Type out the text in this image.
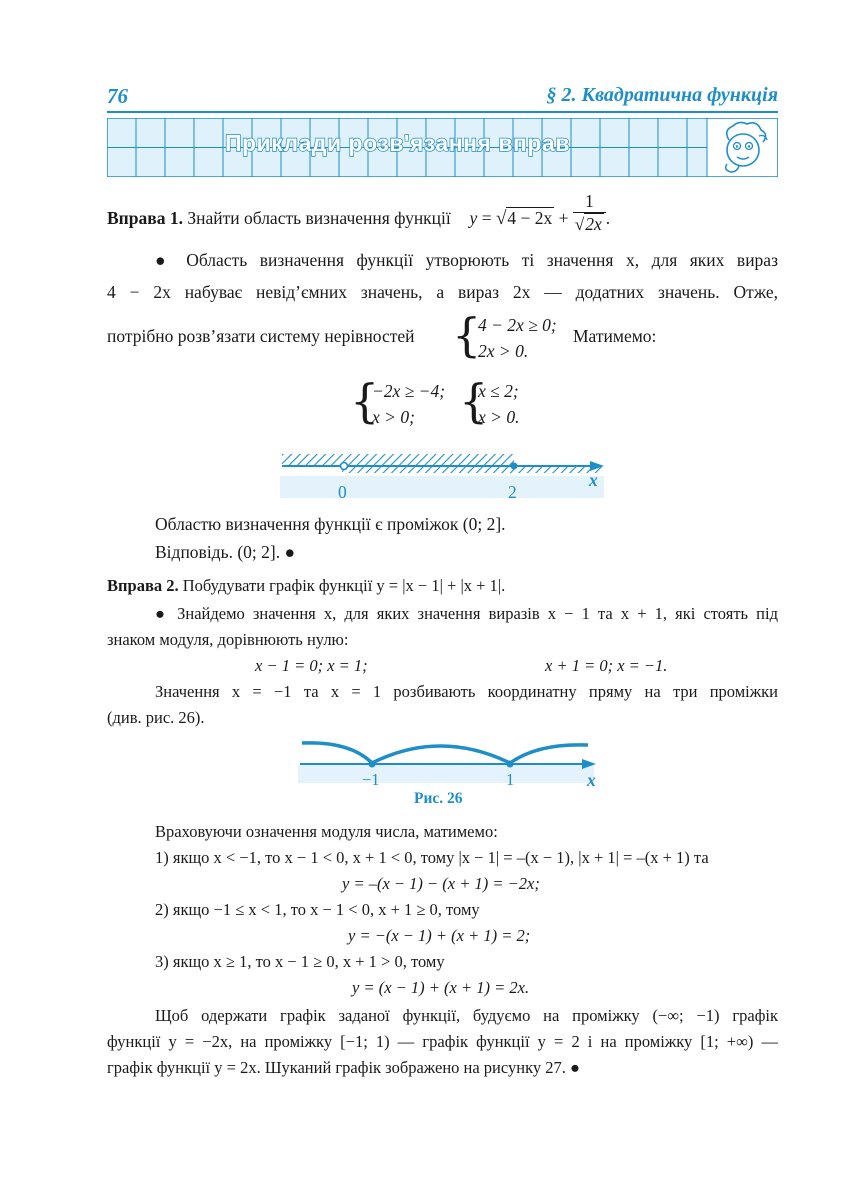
76	§ 2. Квадратична функція
Приклади розв'язання вправ
Вправа 1. Знайти область визначення функції $y = √4 - 2x + \frac{1}{√2x}$ .
● Область визначення функції утворюють ті значення x, для яких вираз
4 − 2x набуває невід’ємних значень, а вираз 2x — додатних значень. Отже,
потрібно розв’язати систему нерівностей {
4 − 2x ≥ 0;
2x > 0.
Матимемо:
{
−2x ≥ −4;
x > 0; {
x ≤ 2;
x > 0.
0	2
x
Областю визначення функції є проміжок (0; 2].
Відповідь. (0; 2]. ●
Вправа 2. Побудувати графік функції y = |x − 1| + |x + 1|.
● Знайдемо значення x, для яких значення виразів x − 1 та x + 1, які стоять під
знаком модуля, дорівнюють нулю:
x − 1 = 0; x = 1;	x + 1 = 0; x = −1.
Значення x = −1 та x = 1 розбивають координатну пряму на три проміжки
(див. рис. 26).
−1	1	x
Рис. 26
Враховуючи означення модуля числа, матимемо:
1) якщо x < −1, то x − 1 < 0, x + 1 < 0, тому |x − 1| = –(x − 1), |x + 1| = –(x + 1) та
y = –(x − 1) − (x + 1) = −2x;
2) якщо −1 ≤ x < 1, то x − 1 < 0, x + 1 ≥ 0, тому
y = −(x − 1) + (x + 1) = 2;
3) якщо x ≥ 1, то x − 1 ≥ 0, x + 1 > 0, тому
y = (x − 1) + (x + 1) = 2x.
Щоб одержати графік заданої функції, будуємо на проміжку (−∞; −1) графік
функції y = −2x, на проміжку [−1; 1) — графік функції y = 2 і на проміжку [1; +∞) —
графік функції y = 2x. Шуканий графік зображено на рисунку 27. ●
